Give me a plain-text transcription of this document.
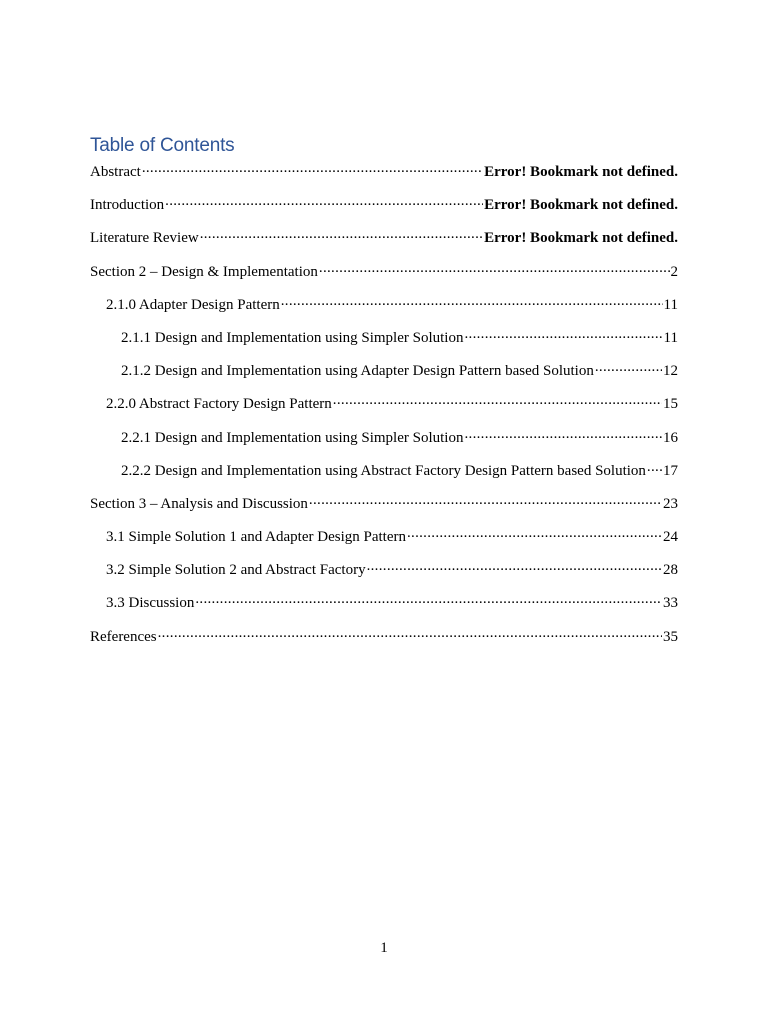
Table of Contents
Abstract .....	Error! Bookmark not defined.
Introduction .....	Error! Bookmark not defined.
Literature Review .....	Error! Bookmark not defined.
Section 2 – Design & Implementation .....	2
2.1.0 Adapter Design Pattern .....	11
2.1.1 Design and Implementation using Simpler Solution .....	11
2.1.2 Design and Implementation using Adapter Design Pattern based Solution .....	12
2.2.0 Abstract Factory Design Pattern .....	15
2.2.1 Design and Implementation using Simpler Solution .....	16
2.2.2 Design and Implementation using Abstract Factory Design Pattern based Solution ..... 17
Section 3 – Analysis and Discussion .....	23
3.1 Simple Solution 1 and Adapter Design Pattern .....	24
3.2 Simple Solution 2 and Abstract Factory .....	28
3.3 Discussion .....	33
References .....	35
1
